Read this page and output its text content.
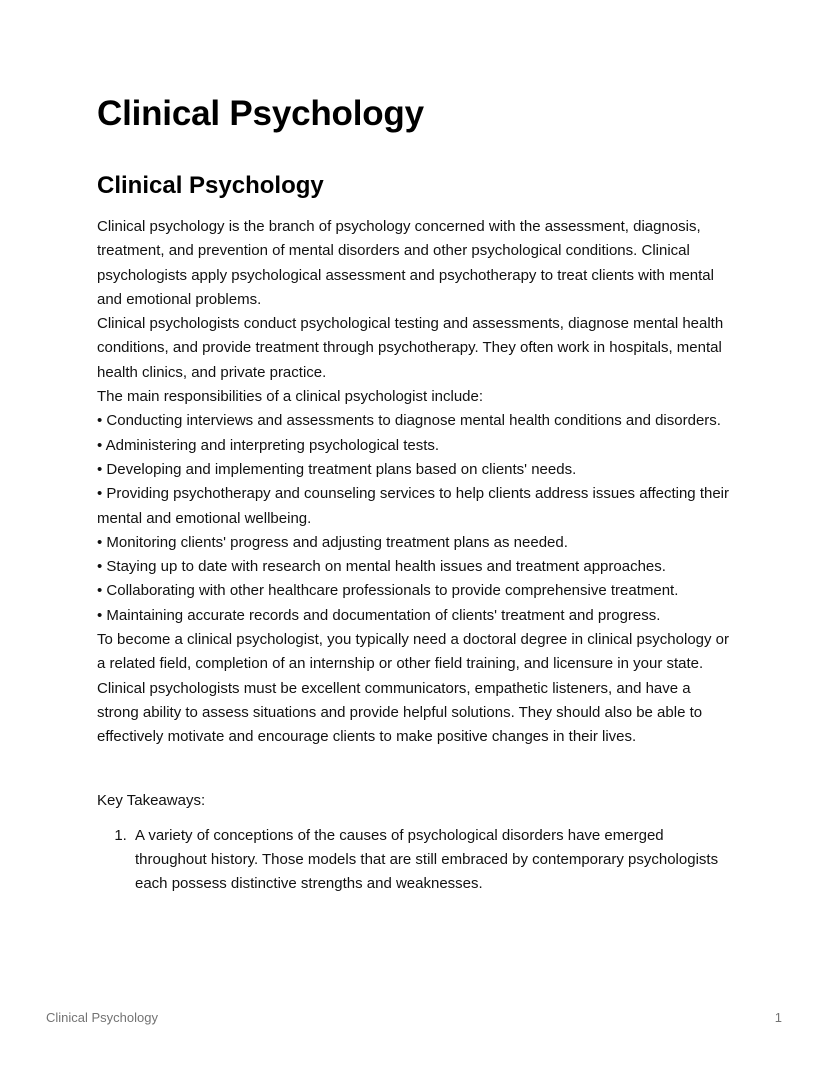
Clinical Psychology
Clinical Psychology

Clinical psychology is the branch of psychology concerned with the assessment, diagnosis, treatment, and prevention of mental disorders and other psychological conditions. Clinical psychologists apply psychological assessment and psychotherapy to treat clients with mental and emotional problems.

Clinical psychologists conduct psychological testing and assessments, diagnose mental health conditions, and provide treatment through psychotherapy. They often work in hospitals, mental health clinics, and private practice.

The main responsibilities of a clinical psychologist include:

• Conducting interviews and assessments to diagnose mental health conditions and disorders.

• Administering and interpreting psychological tests.

• Developing and implementing treatment plans based on clients' needs.

• Providing psychotherapy and counseling services to help clients address issues affecting their mental and emotional wellbeing.

• Monitoring clients' progress and adjusting treatment plans as needed.

• Staying up to date with research on mental health issues and treatment approaches.

• Collaborating with other healthcare professionals to provide comprehensive treatment.

• Maintaining accurate records and documentation of clients' treatment and progress.

To become a clinical psychologist, you typically need a doctoral degree in clinical psychology or a related field, completion of an internship or other field training, and licensure in your state. Clinical psychologists must be excellent communicators, empathetic listeners, and have a strong ability to assess situations and provide helpful solutions. They should also be able to effectively motivate and encourage clients to make positive changes in their lives.

Key Takeaways:

1. A variety of conceptions of the causes of psychological disorders have emerged throughout history. Those models that are still embraced by contemporary psychologists each possess distinctive strengths and weaknesses.
Clinical Psychology	1
